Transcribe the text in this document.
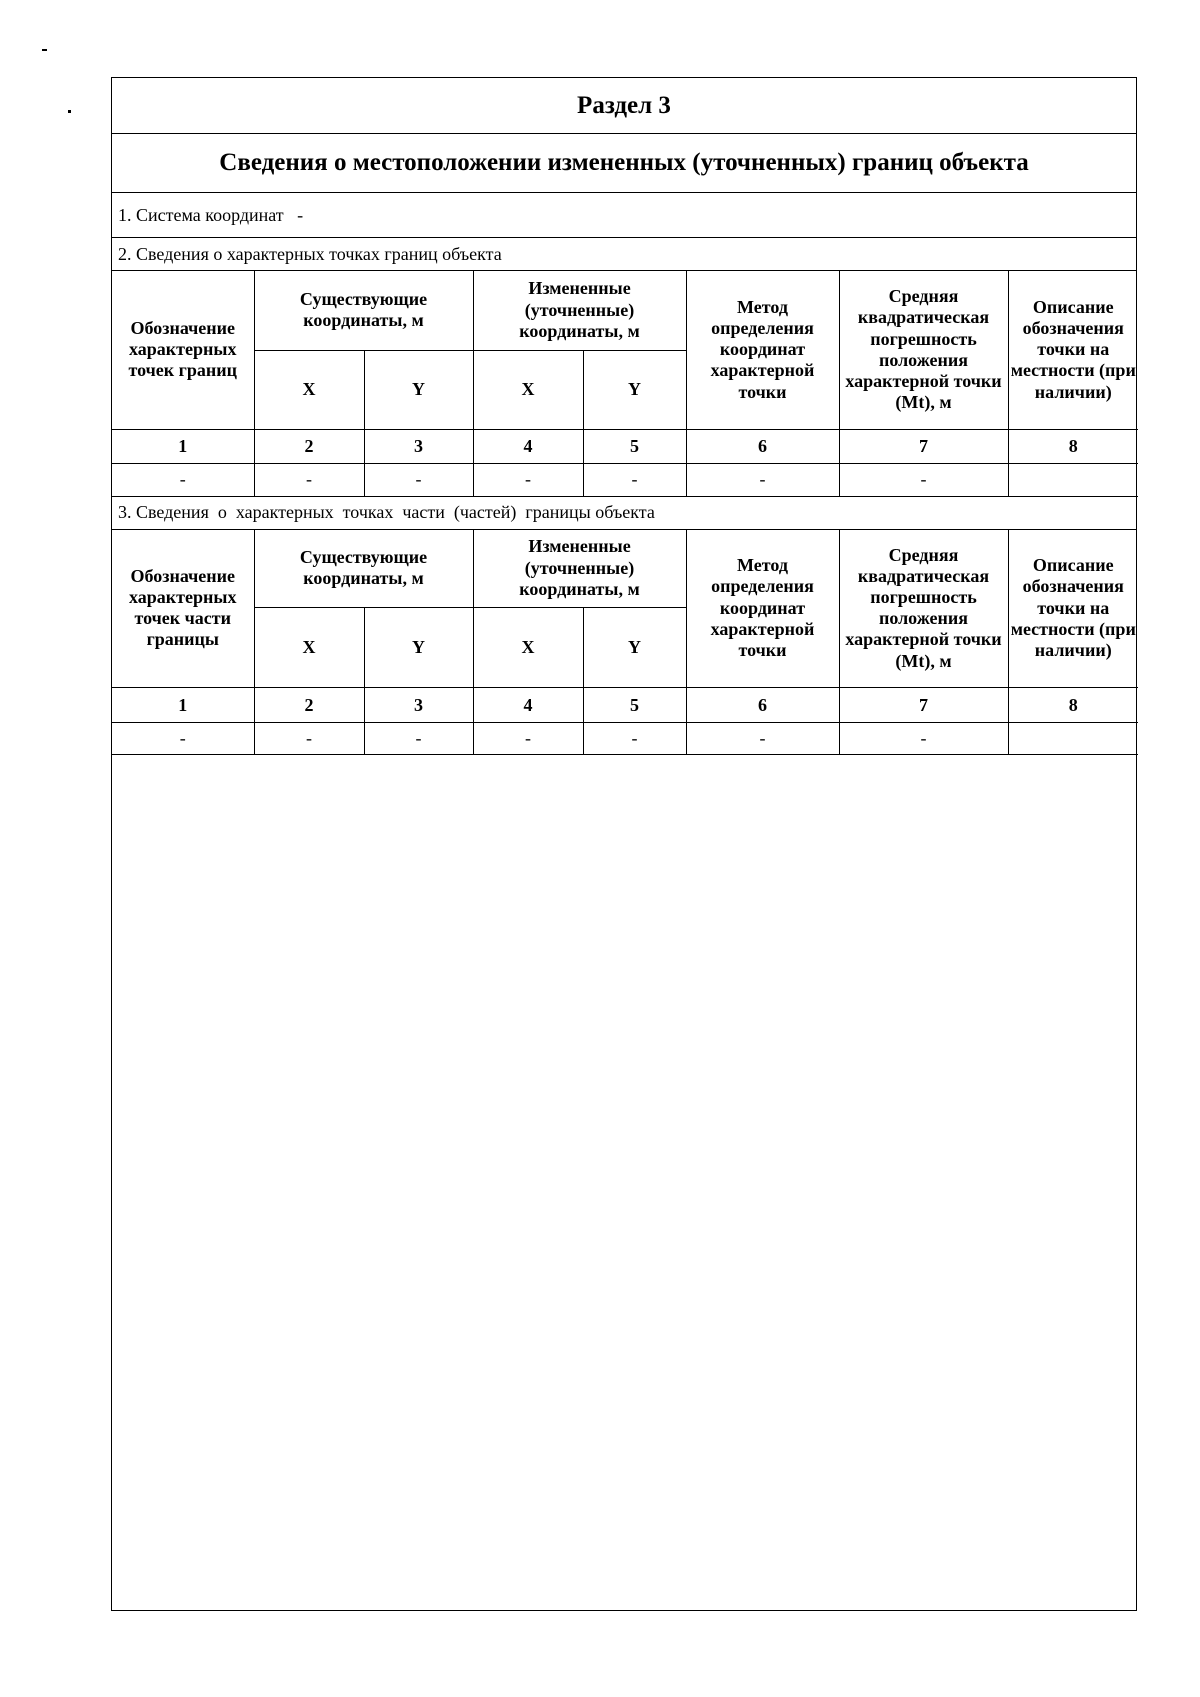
Раздел 3
Сведения о местоположении измененных (уточненных) границ объекта
1. Система координат   -
2. Сведения о характерных точках границ объекта
Обозначение характерных точек границ	Существующие координаты, м		Измененные (уточненные) координаты, м		Метод определения координат характерной точки	Средняя квадратическая погрешность положения характерной точки (Mt), м	Описание обозначения точки на местности (при наличии)
	X	Y	X	Y			
1	2	3	4	5	6	7	8
-	-	-	-	-	-	-	
3. Сведения  о  характерных  точках  части  (частей)  границы объекта
Обозначение характерных точек части границы	Существующие координаты, м		Измененные (уточненные) координаты, м		Метод определения координат характерной точки	Средняя квадратическая погрешность положения характерной точки (Mt), м	Описание обозначения точки на местности (при наличии)
	X	Y	X	Y			
1	2	3	4	5	6	7	8
-	-	-	-	-	-	-	
